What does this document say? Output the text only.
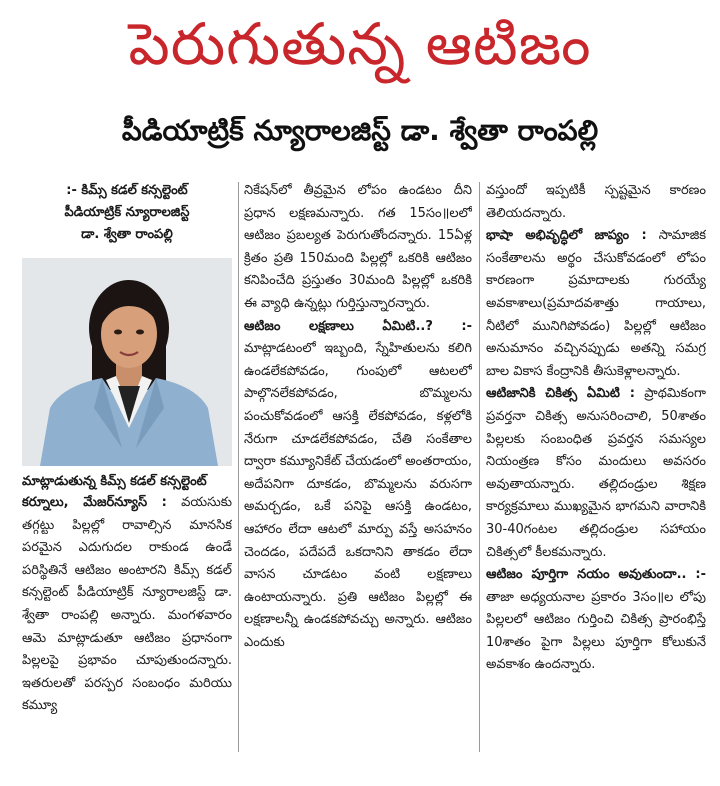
పెరుగుతున్న ఆటిజం
పీడియాట్రిక్ న్యూరాలజిస్ట్ డా. శ్వేతా రాంపల్లి
:- కిమ్స్ కడల్ కన్సల్టెంట్
పీడియాట్రిక్ న్యూరాలజిస్ట్
డా. శ్వేతా రాంపల్లి
మాట్లాడుతున్న కిమ్స్ కడల్ కన్సల్టెంట్

కర్నూలు, మేజర్‌న్యూస్ : వయసుకు తగ్గట్టు పిల్లల్లో రావాల్సిన మానసిక పరమైన ఎదుగుదల రాకుండ ఉండే పరిస్థితినే ఆటిజం అంటారని కిమ్స్ కడల్ కన్సల్టెంట్ పీడియాట్రిక్ న్యూరాలజిస్ట్ డా. శ్వేతా రాంపల్లి అన్నారు. మంగళవారం ఆమె మాట్లాడుతూ ఆటిజం ప్రధానంగా పిల్లలపై ప్రభావం చూపుతుందన్నారు. ఇతరులతో పరస్పర సంబంధం మరియు కమ్యూ

నికేషన్‌లో తీవ్రమైన లోపం ఉండటం దీని ప్రధాన లక్షణమన్నారు. గత 15సం॥లలో ఆటిజం ప్రబల్యత పెరుగుతోందన్నారు. 15ఏళ్ల క్రితం ప్రతి 150మంది పిల్లల్లో ఒకరికి ఆటిజం కనిపించేది ప్రస్తుతం 30మంది పిల్లల్లో ఒకరికి ఈ వ్యాధి ఉన్నట్లు గుర్తిస్తున్నారన్నారు.

ఆటిజం లక్షణాలు ఏమిటి..? :- మాట్లాడటంలో ఇబ్బంది, స్నేహితులను కలిగి ఉండలేకపోవడం, గుంపులో ఆటలలో పాల్గొనలేకపోవడం, బొమ్మలను పంచుకోవడంలో ఆసక్తి లేకపోవడం, కళ్లలోకి నేరుగా చూడలేకపోవడం, చేతి సంకేతాల ద్వారా కమ్యూనికేట్ చేయడంలో అంతరాయం, అదేపనిగా దూకడం, బొమ్మలను వరుసగా అమర్చడం, ఒకే పనిపై ఆసక్తి ఉండటం, ఆహారం లేదా ఆటలో మార్పు వస్తే అసహనం చెందడం, పదేపదే ఒకదానిని తాకడం లేదా వాసన చూడటం వంటి లక్షణాలు ఉంటాయన్నారు. ప్రతి ఆటిజం పిల్లల్లో ఈ లక్షణాలన్నీ ఉండకపోవచ్చు అన్నారు. ఆటిజం ఎందుకు

వస్తుందో ఇప్పటికీ స్పష్టమైన కారణం తెలియదన్నారు.

భాషా అభివృద్ధిలో జాప్యం : సామాజిక సంకేతాలను అర్థం చేసుకోవడంలో లోపం కారణంగా ప్రమాదాలకు గురయ్యే అవకాశాలు(ప్రమాదవశాత్తు గాయాలు, నీటిలో మునిగిపోవడం) పిల్లల్లో ఆటిజం అనుమానం వచ్చినప్పుడు అతన్ని సమగ్ర బాల వికాస కేంద్రానికి తీసుకెళ్లాలన్నారు.

ఆటిజానికి చికిత్స ఏమిటి : ప్రాథమికంగా ప్రవర్తనా చికిత్స అనుసరించాలి, 50శాతం పిల్లలకు సంబంధిత ప్రవర్తన సమస్యల నియంత్రణ కోసం మందులు అవసరం అవుతాయన్నారు. తల్లిదండ్రుల శిక్షణ కార్యక్రమాలు ముఖ్యమైన భాగమని వారానికి 30-40గంటల తల్లిదండ్రుల సహాయం చికిత్సలో కీలకమన్నారు.

ఆటిజం పూర్తిగా నయం అవుతుందా.. :- తాజా అధ్యయనాల ప్రకారం 3సం॥ల లోపు పిల్లలలో ఆటిజం గుర్తించి చికిత్స ప్రారంభిస్తే 10శాతం పైగా పిల్లలు పూర్తిగా కోలుకునే అవకాశం ఉందన్నారు.
